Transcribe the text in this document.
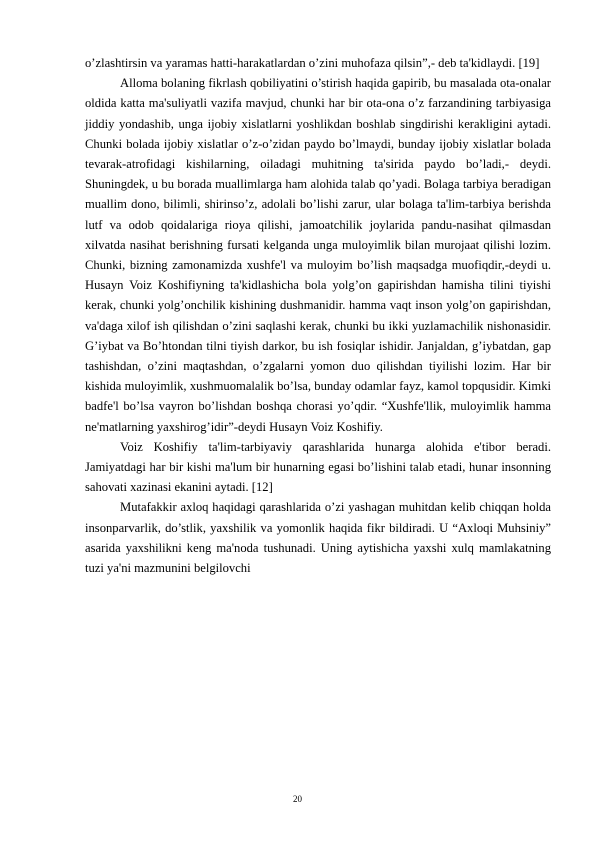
o’zlashtirsin va yaramas hatti-harakatlardan o’zini muhofaza qilsin”,- deb ta'kidlaydi. [19]

Alloma bolaning fikrlash qobiliyatini o’stirish haqida gapirib, bu masalada ota-onalar oldida katta ma'suliyatli vazifa mavjud, chunki har bir ota-ona o’z farzandining tarbiyasiga jiddiy yondashib, unga ijobiy xislatlarni yoshlikdan boshlab singdirishi kerakligini aytadi. Chunki bolada ijobiy xislatlar o’z-o’zidan paydo bo’lmaydi, bunday ijobiy xislatlar bolada tevarak-atrofidagi kishilarning, oiladagi muhitning ta'sirida paydo bo’ladi,- deydi. Shuningdek, u bu borada muallimlarga ham alohida talab qo’yadi. Bolaga tarbiya beradigan muallim dono, bilimli, shirinso’z, adolali bo’lishi zarur, ular bolaga ta'lim-tarbiya berishda lutf va odob qoidalariga rioya qilishi, jamoatchilik joylarida pandu-nasihat qilmasdan xilvatda nasihat berishning fursati kelganda unga muloyimlik bilan murojaat qilishi lozim. Chunki, bizning zamonamizda xushfe'l va muloyim bo’lish maqsadga muofiqdir,-deydi u. Husayn Voiz Koshifiyning ta'kidlashicha bola yolg’on gapirishdan hamisha tilini tiyishi kerak, chunki yolg’onchilik kishining dushmanidir. hamma vaqt inson yolg’on gapirishdan, va'daga xilof ish qilishdan o’zini saqlashi kerak, chunki bu ikki yuzlamachilik nishonasidir. G’iybat va Bo’htondan tilni tiyish darkor, bu ish fosiqlar ishidir. Janjaldan, g’iybatdan, gap tashishdan, o’zini maqtashdan, o’zgalarni yomon duo qilishdan tiyilishi lozim. Har bir kishida muloyimlik, xushmuomalalik bo’lsa, bunday odamlar fayz, kamol topqusidir. Kimki badfe'l bo’lsa vayron bo’lishdan boshqa chorasi yo’qdir. “Xushfe'llik, muloyimlik hamma ne'matlarning yaxshirog’idir”-deydi Husayn Voiz Koshifiy.

Voiz Koshifiy ta'lim-tarbiyaviy qarashlarida hunarga alohida e'tibor beradi. Jamiyatdagi har bir kishi ma'lum bir hunarning egasi bo’lishini talab etadi, hunar insonning sahovati xazinasi ekanini aytadi. [12]

Mutafakkir axloq haqidagi qarashlarida o’zi yashagan muhitdan kelib chiqqan holda insonparvarlik, do’stlik, yaxshilik va yomonlik haqida fikr bildiradi. U “Axloqi Muhsiniy” asarida yaxshilikni keng ma'noda tushunadi. Uning aytishicha yaxshi xulq mamlakatning tuzi ya'ni mazmunini belgilovchi

20
